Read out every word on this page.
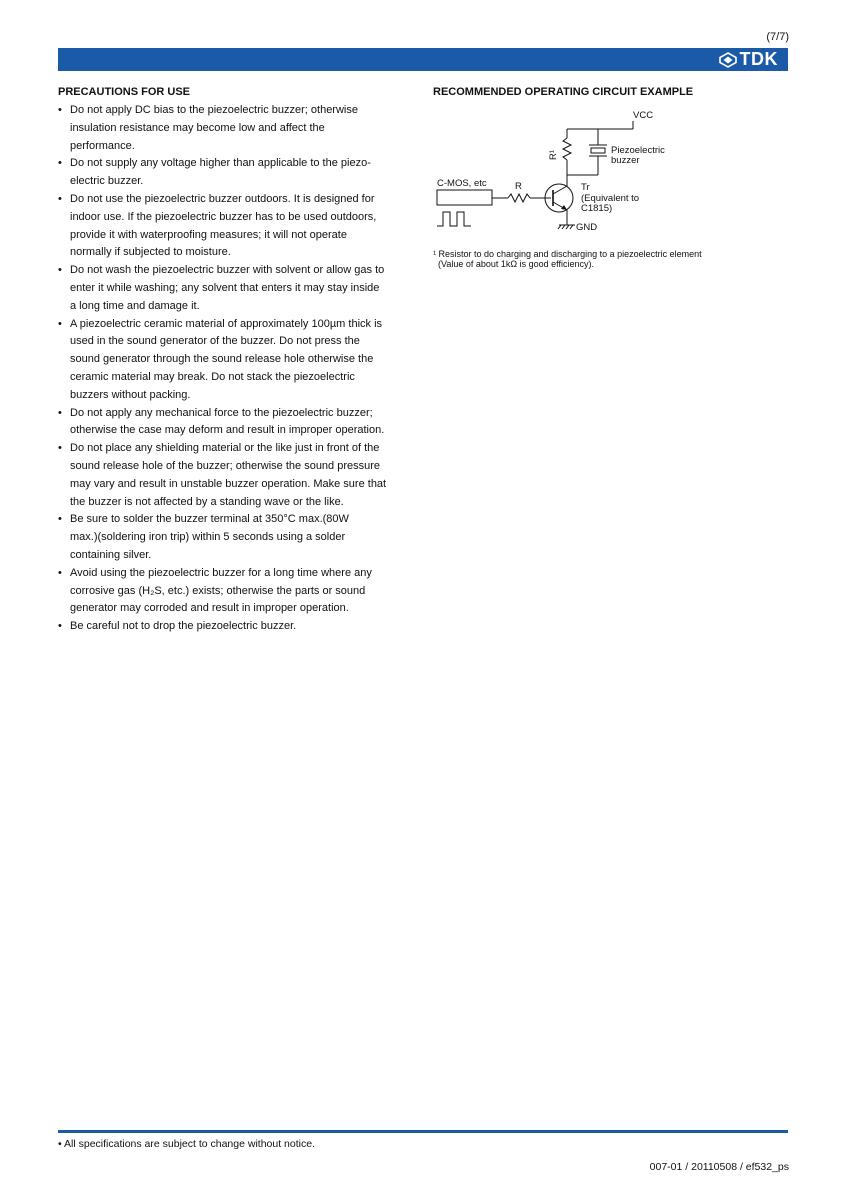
(7/7)
TDK
PRECAUTIONS FOR USE
• Do not apply DC bias to the piezoelectric buzzer; otherwise
insulation resistance may become low and affect the
performance.
• Do not supply any voltage higher than applicable to the piezo-
electric buzzer.
• Do not use the piezoelectric buzzer outdoors. It is designed for
indoor use. If the piezoelectric buzzer has to be used outdoors,
provide it with waterproofing measures; it will not operate
normally if subjected to moisture.
• Do not wash the piezoelectric buzzer with solvent or allow gas to
enter it while washing; any solvent that enters it may stay inside
a long time and damage it.
• A piezoelectric ceramic material of approximately 100µm thick is
used in the sound generator of the buzzer. Do not press the
sound generator through the sound release hole otherwise the
ceramic material may break. Do not stack the piezoelectric
buzzers without packing.
• Do not apply any mechanical force to the piezoelectric buzzer;
otherwise the case may deform and result in improper operation.
• Do not place any shielding material or the like just in front of the
sound release hole of the buzzer; otherwise the sound pressure
may vary and result in unstable buzzer operation. Make sure that
the buzzer is not affected by a standing wave or the like.
• Be sure to solder the buzzer terminal at 350°C max.(80W
max.)(soldering iron trip) within 5 seconds using a solder
containing silver.
• Avoid using the piezoelectric buzzer for a long time where any
corrosive gas (H₂S, etc.) exists; otherwise the parts or sound
generator may corroded and result in improper operation.
• Be careful not to drop the piezoelectric buzzer.
RECOMMENDED OPERATING CIRCUIT EXAMPLE
VCC
R¹	Piezoelectric
buzzer
C-MOS, etc	R	Tr
(Equivalent to
C1815)
GND
¹ Resistor to do charging and discharging to a piezoelectric element
(Value of about 1kΩ is good efficiency).
• All specifications are subject to change without notice.
007-01 / 20110508 / ef532_ps
